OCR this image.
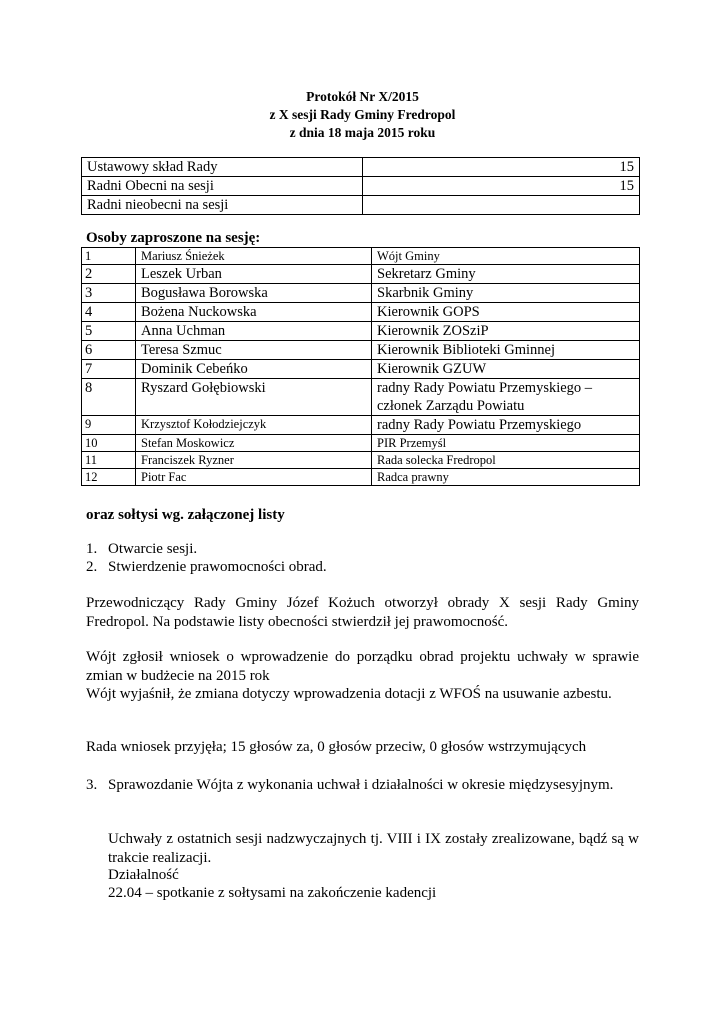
Protokół Nr X/2015
z X sesji Rady Gminy Fredropol
z dnia 18 maja 2015 roku
Ustawowy skład Rady	15
Radni Obecni na sesji	15
Radni nieobecni na sesji	
Osoby zaproszone na sesję:
1	Mariusz Śnieżek	Wójt Gminy
2	Leszek Urban	Sekretarz Gminy
3	Bogusława Borowska	Skarbnik Gminy
4	Bożena Nuckowska	Kierownik GOPS
5	Anna Uchman	Kierownik ZOSziP
6	Teresa Szmuc	Kierownik Biblioteki Gminnej
7	Dominik Cebeńko	Kierownik GZUW
8	Ryszard Gołębiowski	radny Rady Powiatu Przemyskiego – członek Zarządu Powiatu
9	Krzysztof Kołodziejczyk	radny Rady Powiatu Przemyskiego
10	Stefan Moskowicz	PIR Przemyśl
11	Franciszek Ryzner	Rada solecka Fredropol
12	Piotr Fac	Radca prawny
oraz sołtysi wg. załączonej listy
1. Otwarcie sesji.
2. Stwierdzenie prawomocności obrad.
Przewodniczący Rady Gminy Józef Kożuch otworzył obrady X sesji Rady Gminy Fredropol. Na podstawie listy obecności stwierdził jej prawomocność.
Wójt zgłosił wniosek o wprowadzenie do porządku obrad projektu uchwały w sprawie zmian w budżecie na 2015 rok
Wójt wyjaśnił, że zmiana dotyczy wprowadzenia dotacji z WFOŚ na usuwanie azbestu.
Rada wniosek przyjęła; 15 głosów za, 0 głosów przeciw, 0 głosów wstrzymujących
3. Sprawozdanie Wójta z wykonania uchwał i działalności w okresie międzysesyjnym.
Uchwały z ostatnich sesji nadzwyczajnych tj. VIII i IX zostały zrealizowane, bądź są w trakcie realizacji.
Działalność
22.04 – spotkanie z sołtysami na zakończenie kadencji
